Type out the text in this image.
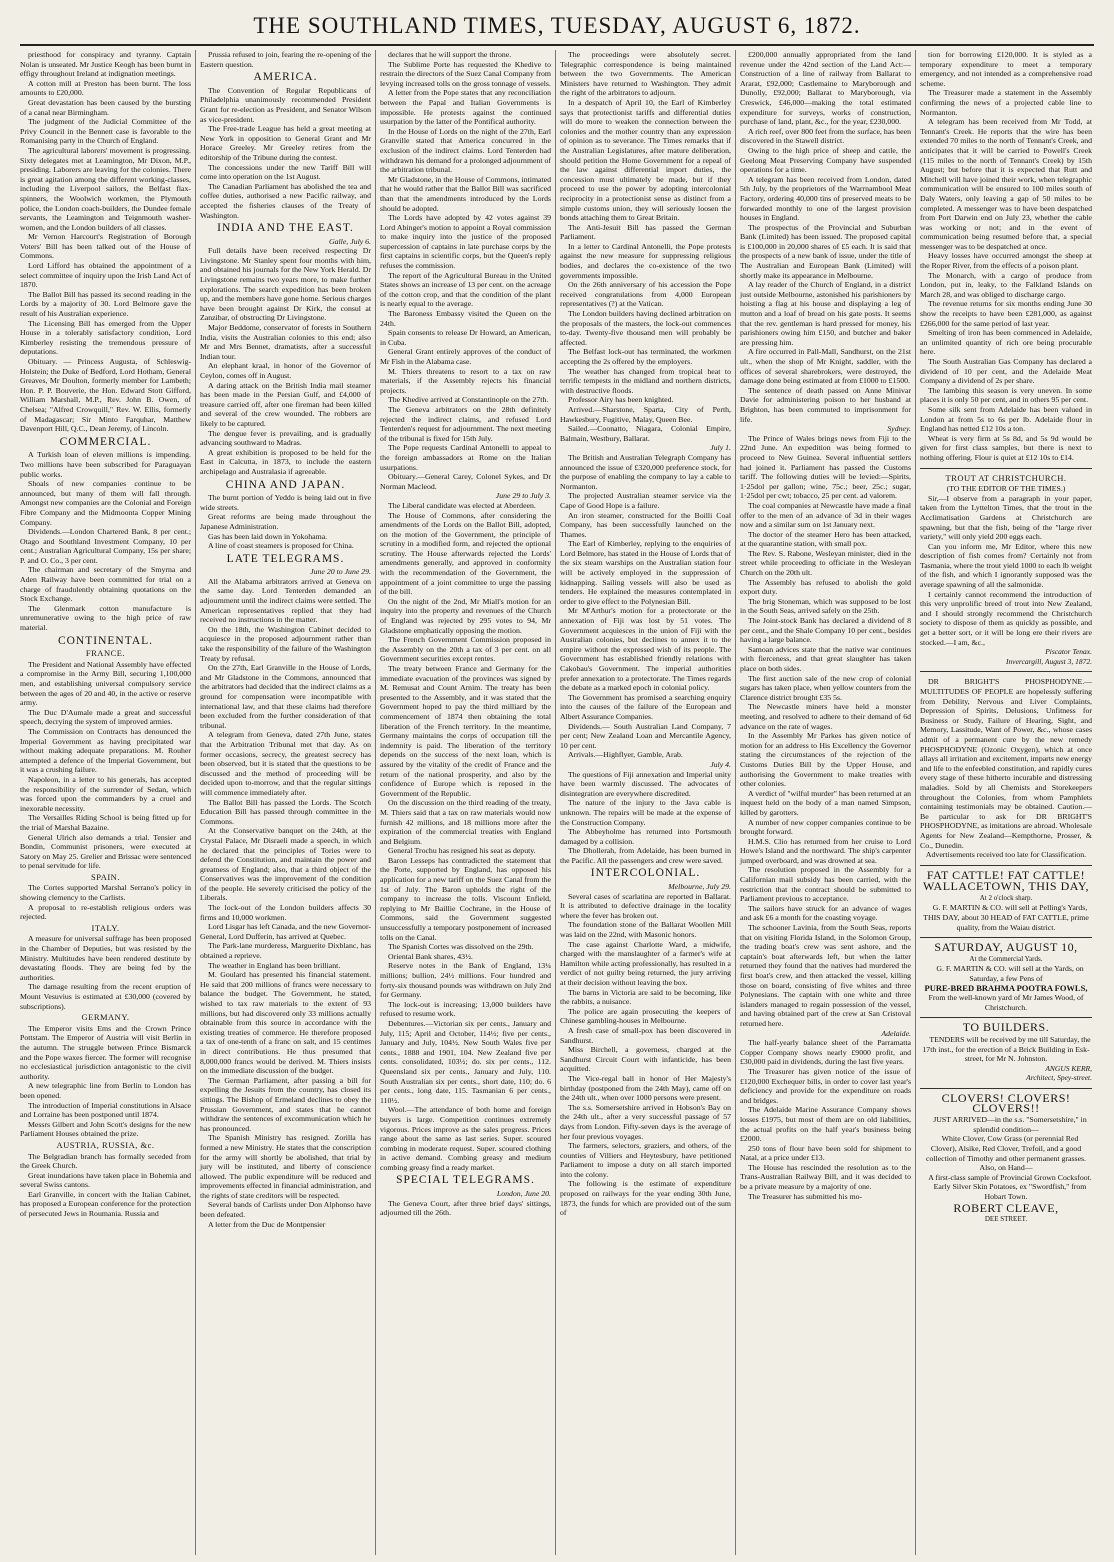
THE SOUTHLAND TIMES, TUESDAY, AUGUST 6, 1872.

priesthood for conspiracy and tyranny. Captain Nolan is unseated. Mr Justice Keogh has been burnt in effigy throughout Ireland at indignation meetings.

A cotton mill at Preston has been burnt. The loss amounts to £20,000.

Great devastation has been caused by the bursting of a canal near Birmingham.

The judgment of the Judicial Committee of the Privy Council in the Bennett case is favorable to the Romanising party in the Church of England.

The agricultural laborers' movement is progressing. Sixty delegates met at Leamington, Mr Dixon, M.P., presiding. Laborers are leaving for the colonies. There is great agitation among the different working-classes, including the Liverpool sailors, the Belfast flax-spinners, the Woolwich workmen, the Plymouth police, the London coach-builders, the Dundee female servants, the Leamington and Teignmouth washer-women, and the London builders of all classes.

Mr Vernon Harcourt's Registration of Borough Voters' Bill has been talked out of the House of Commons.

Lord Lifford has obtained the appointment of a select committee of inquiry upon the Irish Land Act of 1870.

The Ballot Bill has passed its second reading in the Lords by a majority of 30. Lord Belmore gave the result of his Australian experience.

The Licensing Bill has emerged from the Upper House in a tolerably satisfactory condition, Lord Kimberley resisting the tremendous pressure of deputations.

Obituary. — Princess Augusta, of Schleswig-Holstein; the Duke of Bedford, Lord Hotham, General Greaves, Mr Doulton, formerly member for Lambeth; Hon. P. P. Bouverie, the Hon. Edward Stott Gifford, William Marshall, M.P., Rev. John B. Owen, of Chelsea; "Alfred Crowquill," Rev. W. Ellis, formerly of Madagascar; Sir Minto Farquhar, Matthew Davenport Hill, Q.C., Dean Jeremy, of Lincoln.

COMMERCIAL.

A Turkish loan of eleven millions is impending. Two millions have been subscribed for Paraguayan public works.

Shoals of new companies continue to be announced, but many of them will fall through. Amongst new companies are the Colonial and Foreign Fibre Company and the Midmoonta Copper Mining Company.

Dividends.—London Chartered Bank, 8 per cent.; Otago and Southland Investment Company, 10 per cent.; Australian Agricultural Company, 15s per share; P. and O. Co., 3 per cent.

The chairman and secretary of the Smyrna and Aden Railway have been committed for trial on a charge of fraudulently obtaining quotations on the Stock Exchange.

The Glenmark cotton manufacture is unremunerative owing to the high price of raw material.

CONTINENTAL.
FRANCE.

The President and National Assembly have effected a compromise in the Army Bill, securing 1,100,000 men, and establishing universal compulsory service between the ages of 20 and 40, in the active or reserve army.

The Duc D'Aumale made a great and successful speech, decrying the system of improved armies.

The Commission on Contracts has denounced the Imperial Government as having precipitated war without making adequate preparations. M. Rouher attempted a defence of the Imperial Government, but it was a crushing failure.

Napoleon, in a letter to his generals, has accepted the responsibility of the surrender of Sedan, which was forced upon the commanders by a cruel and inexorable necessity.

The Versailles Riding School is being fitted up for the trial of Marshal Bazaine.

General Ulrich also demands a trial. Tensier and Bondin, Communist prisoners, were executed at Satory on May 25. Grelier and Brissac were sentenced to penal servitude for life.

SPAIN.

The Cortes supported Marshal Serrano's policy in showing clemency to the Carlists.

A proposal to re-establish religious orders was rejected.

ITALY.

A measure for universal suffrage has been proposed in the Chamber of Deputies, but was resisted by the Ministry. Multitudes have been rendered destitute by devastating floods. They are being fed by the authorities.

The damage resulting from the recent eruption of Mount Vesuvius is estimated at £30,000 (covered by subscriptions).

GERMANY.

The Emperor visits Ems and the Crown Prince Pottstam. The Emperor of Austria will visit Berlin in the autumn. The struggle between Prince Bismarck and the Pope waxes fiercer. The former will recognise no ecclesiastical jurisdiction antagonistic to the civil authority.

A new telegraphic line from Berlin to London has been opened.

The introduction of Imperial constitutions in Alsace and Lorraine has been postponed until 1874.

Messrs Gilbert and John Scott's designs for the new Parliament Houses obtained the prize.

AUSTRIA, RUSSIA, &c.

The Belgradian branch has formally seceded from the Greek Church.

Great inundations have taken place in Bohemia and several Swiss cantons.

Earl Granville, in concert with the Italian Cabinet, has proposed a European conference for the protection of persecuted Jews in Roumania. Russia and

Prussia refused to join, fearing the re-opening of the Eastern question.

AMERICA.

The Convention of Regular Republicans of Philadelphia unanimously recommended President Grant for re-election as President, and Senator Wilson as vice-president.

The Free-trade League has held a great meeting at New York in opposition to General Grant and Mr Horace Greeley. Mr Greeley retires from the editorship of the Tribune during the contest.

The concessions under the new Tariff Bill will come into operation on the 1st August.

The Canadian Parliament has abolished the tea and coffee duties, authorised a new Pacific railway, and accepted the fisheries clauses of the Treaty of Washington.

INDIA AND THE EAST.
Galle, July 6.

Full details have been received respecting Dr Livingstone. Mr Stanley spent four months with him, and obtained his journals for the New York Herald. Dr Livingstone remains two years more, to make further explorations. The search expedition has been broken up, and the members have gone home. Serious charges have been brought against Dr Kirk, the consul at Zanzibar, of obstructing Dr Livingstone.

Major Beddome, conservator of forests in Southern India, visits the Australian colonies to this end; also Mr and Mrs Bennet, dramatists, after a successful Indian tour.

An elephant kraal, in honor of the Governor of Ceylon, comes off in August.

A daring attack on the British India mail steamer has been made in the Persian Gulf, and £4,000 of treasure carried off, after one fireman had been killed and several of the crew wounded. The robbers are likely to be captured.

The dengue fever is prevailing, and is gradually advancing southward to Madras.

A great exhibition is proposed to be held for the East in Calcutta, in 1873, to include the eastern archipelago and Australasia if agreeable.

CHINA AND JAPAN.

The burnt portion of Yeddo is being laid out in five wide streets.

Great reforms are being made throughout the Japanese Administration.

Gas has been laid down in Yokohama.

A line of coast steamers is proposed for China.

LATE TELEGRAMS.
June 20 to June 29.

All the Alabama arbitrators arrived at Geneva on the same day. Lord Tenterden demanded an adjournment until the indirect claims were settled. The American representatives replied that they had received no instructions in the matter.

On the 18th, the Washington Cabinet decided to acquiesce in the proposed adjournment rather than take the responsibility of the failure of the Washington Treaty by refusal.

On the 27th, Earl Granville in the House of Lords, and Mr Gladstone in the Commons, announced that the arbitrators had decided that the indirect claims as a ground for compensation were incompatible with international law, and that these claims had therefore been excluded from the further consideration of that tribunal.

A telegram from Geneva, dated 27th June, states that the Arbitration Tribunal met that day. As on former occasions, secrecy, the greatest secrecy has been observed, but it is stated that the questions to be discussed and the method of proceeding will be decided upon to-morrow, and that the regular sittings will commence immediately after.

The Ballot Bill has passed the Lords. The Scotch Education Bill has passed through committee in the Commons.

At the Conservative banquet on the 24th, at the Crystal Palace, Mr Disraeli made a speech, in which he declared that the principles of Tories were to defend the Constitution, and maintain the power and greatness of England; also, that a third object of the Conservatives was the improvement of the condition of the people. He severely criticised the policy of the Liberals.

The lock-out of the London builders affects 30 firms and 10,000 workmen.

Lord Lisgar has left Canada, and the new Governor-General, Lord Dufferin, has arrived at Quebec.

The Park-lane murderess, Marguerite Dixblanc, has obtained a reprieve.

The weather in England has been brilliant.

M. Goulard has presented his financial statement. He said that 200 millions of francs were necessary to balance the budget. The Government, he stated, wished to tax raw materials to the extent of 93 millions, but had discovered only 33 millions actually obtainable from this source in accordance with the existing treaties of commerce. He therefore proposed a tax of one-tenth of a franc on salt, and 15 centimes in direct contributions. He thus presumed that 8,000,000 francs would be derived. M. Thiers insists on the immediate discussion of the budget.

The German Parliament, after passing a bill for expelling the Jesuits from the country, has closed its sittings. The Bishop of Ermeland declines to obey the Prussian Government, and states that he cannot withdraw the sentences of excommunication which he has pronounced.

The Spanish Ministry has resigned. Zorilla has formed a new Ministry. He states that the conscription for the army will shortly be abolished, that trial by jury will be instituted, and liberty of conscience allowed. The public expenditure will be reduced and improvements effected in financial administration, and the rights of state creditors will be respected.

Several bands of Carlists under Don Alphonso have been defeated.

A letter from the Duc de Montpensier

declares that he will support the throne.

The Sublime Porte has requested the Khedive to restrain the directors of the Suez Canal Company from levying increased tolls on the gross tonnage of vessels.

A letter from the Pope states that any reconciliation between the Papal and Italian Governments is impossible. He protests against the continued usurpation by the latter of the Pontifical authority.

In the House of Lords on the night of the 27th, Earl Granville stated that America concurred in the exclusion of the indirect claims. Lord Tenterden had withdrawn his demand for a prolonged adjournment of the arbitration tribunal.

Mr Gladstone, in the House of Commons, intimated that he would rather that the Ballot Bill was sacrificed than that the amendments introduced by the Lords should be adopted.

The Lords have adopted by 42 votes against 39 Lord Abinger's motion to appoint a Royal commission to make inquiry into the justice of the proposed supercession of captains in late purchase corps by the first captains in scientific corps, but the Queen's reply refuses the commission.

The report of the Agricultural Bureau in the United States shows an increase of 13 per cent. on the acreage of the cotton crop, and that the condition of the plant is nearly equal to the average.

The Baroness Embassy visited the Queen on the 24th.

Spain consents to release Dr Howard, an American, in Cuba.

General Grant entirely approves of the conduct of Mr Fish in the Alabama case.

M. Thiers threatens to resort to a tax on raw materials, if the Assembly rejects his financial projects.

The Khedive arrived at Constantinople on the 27th.

The Geneva arbitrators on the 28th definitely rejected the indirect claims, and refused Lord Tenterden's request for adjournment. The next meeting of the tribunal is fixed for 15th July.

The Pope requests Cardinal Antonelli to appeal to the foreign ambassadors at Rome on the Italian usurpations.

Obituary.—General Carey, Colonel Sykes, and Dr Norman Macleod.

June 29 to July 3.

The Liberal candidate was elected at Aberdeen.

The House of Commons, after considering the amendments of the Lords on the Ballot Bill, adopted, on the motion of the Government, the principle of scrutiny in a modified form, and rejected the optional scrutiny. The House afterwards rejected the Lords' amendments generally, and approved in conformity with the recommendation of the Government, the appointment of a joint committee to urge the passing of the bill.

On the night of the 2nd, Mr Miall's motion for an inquiry into the property and revenues of the Church of England was rejected by 295 votes to 94, Mr Gladstone emphatically opposing the motion.

The French Government Commission proposed in the Assembly on the 20th a tax of 3 per cent. on all Government securities except rentes.

The treaty between France and Germany for the immediate evacuation of the provinces was signed by M. Remusat and Count Arnim. The treaty has been presented to the Assembly, and it was stated that the Government hoped to pay the third milliard by the commencement of 1874 then obtaining the total liberation of the French territory. In the meantime, Germany maintains the corps of occupation till the indemnity is paid. The liberation of the territory depends on the success of the next loan, which is assured by the vitality of the credit of France and the return of the national prosperity, and also by the confidence of Europe which is reposed in the Government of the Republic.

On the discussion on the third reading of the treaty, M. Thiers said that a tax on raw materials would now furnish 42 millions, and 18 millions more after the expiration of the commercial treaties with England and Belgium.

General Trochu has resigned his seat as deputy.

Baron Lesseps has contradicted the statement that the Porte, supported by England, has opposed his application for a new tariff on the Suez Canal from the 1st of July. The Baron upholds the right of the company to increase the tolls. Viscount Enfield, replying to Mr Baillie Cochrane, in the House of Commons, said the Government suggested unsuccessfully a temporary postponement of increased tolls on the Canal.

The Spanish Cortes was dissolved on the 29th.

Oriental Bank shares, 43½.

Reserve notes in the Bank of England, 13¼ millions; bullion, 24½ millions. Four hundred and forty-six thousand pounds was withdrawn on July 2nd for Germany.

The lock-out is increasing; 13,000 builders have refused to resume work.

Debentures.—Victorian six per cents., January and July, 115; April and October, 114½; five per cents., January and July, 104½. New South Wales five per cents., 1888 and 1901, 104. New Zealand five per cents. consolidated, 103½; do. six per cents., 112. Queensland six per cents., January and July, 110. South Australian six per cents., short date, 110; do. 6 per cents., long date, 115. Tasmanian 6 per cents., 110½.

Wool.—The attendance of both home and foreign buyers is large. Competition continues extremely vigorous. Prices improve as the sales progress. Prices range about the same as last series. Super. scoured combing in moderate request. Super. scoured clothing in active demand. Combing greasy and medium combing greasy find a ready market.

SPECIAL TELEGRAMS.
London, June 20.

The Geneva Court, after three brief days' sittings, adjourned till the 26th.

The proceedings were absolutely secret. Telegraphic correspondence is being maintained between the two Governments. The American Ministers have returned to Washington. They admit the right of the arbitrators to adjourn.

In a despatch of April 10, the Earl of Kimberley says that protectionist tariffs and differential duties will do more to weaken the connection between the colonies and the mother country than any expression of opinion as to severance. The Times remarks that if the Australian Legislatures, after mature deliberation, should petition the Home Government for a repeal of the law against differential import duties, the concession must ultimately be made, but if they proceed to use the power by adopting intercolonial reciprocity in a protectionist sense as distinct from a simple customs union, they will seriously loosen the bonds attaching them to Great Britain.

The Anti-Jesuit Bill has passed the German Parliament.

In a letter to Cardinal Antonelli, the Pope protests against the new measure for suppressing religious bodies, and declares the co-existence of the two governments impossible.

On the 26th anniversary of his accession the Pope received congratulations from 4,000 European representatives (?) at the Vatican.

The London builders having declined arbitration on the proposals of the masters, the lock-out commences to-day. Twenty-five thousand men will probably be affected.

The Belfast lock-out has terminated, the workmen accepting the 2s offered by the employers.

The weather has changed from tropical heat to terrific tempests in the midland and northern districts, with destructive floods.

Professor Airy has been knighted.

Arrived.—Sharstone, Sparta, City of Perth, Hawkesbury, Fugitive, Malay, Queen Bee.

Sailed.—Coonatto, Niagara, Colonial Empire, Balmain, Westbury, Ballarat.

July 1.

The British and Australian Telegraph Company has announced the issue of £320,000 preference stock, for the purpose of enabling the company to lay a cable to Normanton.

The projected Australian steamer service via the Cape of Good Hope is a failure.

An iron steamer, constructed for the Boilli Coal Company, has been successfully launched on the Thames.

The Earl of Kimberley, replying to the enquiries of Lord Belmore, has stated in the House of Lords that of the six steam warships on the Australian station four will be actively employed in the suppression of kidnapping. Sailing vessels will also be used as tenders. He explained the measures contemplated in order to give effect to the Polynesian Bill.

Mr M'Arthur's motion for a protectorate or the annexation of Fiji was lost by 51 votes. The Government acquiesces in the union of Fiji with the Australian colonies, but declines to annex it to the empire without the expressed wish of its people. The Government has established friendly relations with Cakobau's Government. The imperial authorities prefer annexation to a protectorate. The Times regards the debate as a marked epoch in colonial policy.

The Government has promised a searching enquiry into the causes of the failure of the European and Albert Assurance Companies.

Dividends.— South Australian Land Company, 7 per cent; New Zealand Loan and Mercantile Agency, 10 per cent.

Arrivals.—Highflyer, Gamble, Arab.

July 4.

The questions of Fiji annexation and Imperial unity have been warmly discussed. The advocates of disintegration are everywhere discredited.

The nature of the injury to the Java cable is unknown. The repairs will be made at the expense of the Construction Company.

The Abbeyholme has returned into Portsmouth damaged by a collision.

The Dhollerah, from Adelaide, has been burned in the Pacific. All the passengers and crew were saved.

INTERCOLONIAL.
Melbourne, July 29.

Several cases of scarlatina are reported in Ballarat. It is attributed to defective drainage in the locality where the fever has broken out.

The foundation stone of the Ballarat Woollen Mill was laid on the 22nd, with Masonic honors.

The case against Charlotte Ward, a midwife, charged with the manslaughter of a farmer's wife at Hamilton while acting professionally, has resulted in a verdict of not guilty being returned, the jury arriving at their decision without leaving the box.

The barns in Victoria are said to be becoming, like the rabbits, a nuisance.

The police are again prosecuting the keepers of Chinese gambling-houses in Melbourne.

A fresh case of small-pox has been discovered in Sandhurst.

Miss Birchell, a governess, charged at the Sandhurst Circuit Court with infanticide, has been acquitted.

The Vice-regal ball in honor of Her Majesty's birthday (postponed from the 24th May), came off on the 24th ult., when over 1000 persons were present.

The s.s. Somersetshire arrived in Hobson's Bay on the 24th ult., after a very successful passage of 57 days from London. Fifty-seven days is the average of her four previous voyages.

The farmers, selectors, graziers, and others, of the counties of Villiers and Heytesbury, have petitioned Parliament to impose a duty on all starch imported into the colony.

The following is the estimate of expenditure proposed on railways for the year ending 30th June, 1873, the funds for which are provided out of the sum of

£200,000 annually appropriated from the land revenue under the 42nd section of the Land Act:—Construction of a line of railway from Ballarat to Ararat, £92,000; Castlemaine to Maryborough and Dunolly, £92,000; Ballarat to Maryborough, via Creswick, £46,000—making the total estimated expenditure for surveys, works of construction, purchase of land, plant, &c., for the year, £230,000.

A rich reef, over 800 feet from the surface, has been discovered in the Stawell district.

Owing to the high price of sheep and cattle, the Geelong Meat Preserving Company have suspended operations for a time.

A telegram has been received from London, dated 5th July, by the proprietors of the Warrnambool Meat Factory, ordering 40,000 tins of preserved meats to be forwarded monthly to one of the largest provision houses in England.

The prospectus of the Provincial and Suburban Bank (Limited) has been issued. The proposed capital is £100,000 in 20,000 shares of £5 each. It is said that the prospects of a new bank of issue, under the title of The Australian and European Bank (Limited) will shortly make its appearance in Melbourne.

A lay reader of the Church of England, in a district just outside Melbourne, astonished his parishioners by hoisting a flag at his house and displaying a leg of mutton and a loaf of bread on his gate posts. It seems that the rev. gentleman is hard pressed for money, his parishioners owing him £150, and butcher and baker are pressing him.

A fire occurred in Pall-Mall, Sandhurst, on the 21st ult., when the shop of Mr Knight, saddler, with the offices of several sharebrokers, were destroyed, the damage done being estimated at from £1000 to £1500.

The sentence of death passed on Anne Minivar Davie for administering poison to her husband at Brighton, has been commuted to imprisonment for life.

Sydney.

The Prince of Wales brings news from Fiji to the 22nd June. An expedition was being formed to proceed to New Guinea. Several influential settlers had joined it. Parliament has passed the Customs tariff. The following duties will be levied:—Spirits, 1·25dol per gallon; wine, 75c.; beer, 25c.; sugar, 1·25dol per cwt; tobacco, 25 per cent. ad valorem.

The coal companies at Newcastle have made a final offer to the men of an advance of 3d in their wages now and a similar sum on 1st January next.

The doctor of the steamer Hero has been attacked, at the quarantine station, with small pox.

The Rev. S. Rabone, Wesleyan minister, died in the street while proceeding to officiate in the Wesleyan Church on the 20th ult.

The Assembly has refused to abolish the gold export duty.

The brig Stoneman, which was supposed to be lost in the South Seas, arrived safely on the 25th.

The Joint-stock Bank has declared a dividend of 8 per cent., and the Shale Company 10 per cent., besides having a large balance.

Samoan advices state that the native war continues with fierceness, and that great slaughter has taken place on both sides.

The first auction sale of the new crop of colonial sugars has taken place, when yellow counters from the Clarence district brought £35 5s.

The Newcastle miners have held a monster meeting, and resolved to adhere to their demand of 6d advance on the rate of wages.

In the Assembly Mr Parkes has given notice of motion for an address to His Excellency the Governor stating the circumstances of the rejection of the Customs Duties Bill by the Upper House, and authorising the Government to make treaties with other colonies.

A verdict of "wilful murder" has been returned at an inquest held on the body of a man named Simpson, killed by garotters.

A number of new copper companies continue to be brought forward.

H.M.S. Clio has returned from her cruise to Lord Howe's Island and the northward. The ship's carpenter jumped overboard, and was drowned at sea.

The resolution proposed in the Assembly for a Californian mail subsidy has been carried, with the restriction that the contract should be submitted to Parliament previous to acceptance.

The sailors have struck for an advance of wages and ask £6 a month for the coasting voyage.

The schooner Lavinia, from the South Seas, reports that on visiting Florida Island, in the Solomon Group, the trading boat's crew was sent ashore, and the captain's boat afterwards left, but when the latter returned they found that the natives had murdered the first boat's crew, and then attacked the vessel, killing those on board, consisting of five whites and three Polynesians. The captain with one white and three islanders managed to regain possession of the vessel, and having obtained part of the crew at San Cristoval returned here.

Adelaide.

The half-yearly balance sheet of the Parramatta Copper Company shows nearly £9000 profit, and £30,000 paid in dividends, during the last five years.

The Treasurer has given notice of the issue of £120,000 Exchequer bills, in order to cover last year's deficiency and provide for the expenditure on roads and bridges.

The Adelaide Marine Assurance Company shows losses £1975, but most of them are on old liabilities, the actual profits on the half year's business being £2000.

250 tons of flour have been sold for shipment to Natal, at a price under £13.

The House has rescinded the resolution as to the Trans-Australian Railway Bill, and it was decided to be a private measure by a majority of one.

The Treasurer has submitted his mo-

tion for borrowing £120,000. It is styled as a temporary expenditure to meet a temporary emergency, and not intended as a comprehensive road scheme.

The Treasurer made a statement in the Assembly confirming the news of a projected cable line to Normanton.

A telegram has been received from Mr Todd, at Tennant's Creek. He reports that the wire has been extended 70 miles to the north of Tennant's Creek, and anticipates that it will be carried to Powell's Creek (115 miles to the north of Tennant's Creek) by 15th August; but before that it is expected that Rutt and Mitchell will have joined their work, when telegraphic communication will be ensured to 100 miles south of Daly Waters, only leaving a gap of 50 miles to be completed. A messenger was to have been despatched from Port Darwin end on July 23, whether the cable was working or not; and in the event of communication being resumed before that, a special messenger was to be despatched at once.

Heavy losses have occurred amongst the sheep at the Roper River, from the effects of a poison plant.

The Monarch, with a cargo of produce from London, put in, leaky, to the Falkland Islands on March 28, and was obliged to discharge cargo.

The revenue returns for six months ending June 30 show the receipts to have been £281,000, as against £266,000 for the same period of last year.

Smelting of iron has been commenced in Adelaide, an unlimited quantity of rich ore being procurable here.

The South Australian Gas Company has declared a dividend of 10 per cent, and the Adelaide Meat Company a dividend of 2s per share.

The lambing this season is very uneven. In some places it is only 50 per cent, and in others 95 per cent.

Some silk sent from Adelaide has been valued in London at from 5s to 6s per lb. Adelaide flour in England has netted £12 10s a ton.

Wheat is very firm at 5s 8d, and 5s 9d would be given for first class samples, but there is next to nothing offering. Flour is quiet at £12 10s to £14.

TROUT AT CHRISTCHURCH.
(TO THE EDITOR OF THE TIMES.)

Sir,—I observe from a paragraph in your paper, taken from the Lyttelton Times, that the trout in the Acclimatisation Gardens at Christchurch are spawning, but that the fish, being of the "large river variety," will only yield 200 eggs each.

Can you inform me, Mr Editor, where this new description of fish comes from? Certainly not from Tasmania, where the trout yield 1000 to each lb weight of the fish, and which I ignorantly supposed was the average spawning of all the salmonidæ.

I certainly cannot recommend the introduction of this very unprolific breed of trout into New Zealand, and I should strongly recommend the Christchurch society to dispose of them as quickly as possible, and get a better sort, or it will be long ere their rivers are stocked.—I am, &c.,

Piscator Tenax.
Invercargill, August 3, 1872.

DR BRIGHT'S PHOSPHODYNE.—MULTITUDES OF PEOPLE are hopelessly suffering from Debility, Nervous and Liver Complaints, Depression of Spirits, Delusions, Unfitness for Business or Study, Failure of Hearing, Sight, and Memory, Lassitude, Want of Power, &c., whose cases admit of a permanent cure by the new remedy PHOSPHODYNE (Ozonic Oxygen), which at once allays all irritation and excitement, imparts new energy and life to the enfeebled constitution, and rapidly cures every stage of these hitherto incurable and distressing maladies. Sold by all Chemists and Storekeepers throughout the Colonies, from whom Pamphlets containing testimonials may be obtained. Caution.—Be particular to ask for DR BRIGHT'S PHOSPHODYNE, as imitations are abroad. Wholesale Agents for New Zealand—Kempthorne, Prosser, & Co., Dunedin.

Advertisements received too late for Classification.
FAT CATTLE! FAT CATTLE!
WALLACETOWN, THIS DAY,
At 2 o'clock sharp.

G. F. MARTIN & CO. will sell at Pelling's Yards, THIS DAY, about 30 HEAD of FAT CATTLE, prime quality, from the Waiau district.

SATURDAY, AUGUST 10,
At the Commercial Yards.

G. F. MARTIN & CO. will sell at the Yards, on Saturday, a few Pens of

PURE-BRED BRAHMA POOTRA FOWLS,
From the well-known yard of Mr James Wood, of Christchurch.
TO BUILDERS.

TENDERS will be received by me till Saturday, the 17th inst., for the erection of a Brick Building in Esk-street, for Mr N. Johnston.

ANGUS KERR,
Architect, Spey-street.
CLOVERS! CLOVERS! CLOVERS!!

JUST ARRIVED—in the s.s. "Somersetshire," in splendid condition—

White Clover, Cow Grass (or perennial Red Clover), Alsike, Red Clover, Trefoil, and a good collection of Timothy and other permanent grasses.

Also, on Hand—

A first-class sample of Provincial Grown Cocksfoot.

Early Silver Skin Potatoes, ex "Swordfish," from Hobart Town.

ROBERT CLEAVE,
DEE STREET.
